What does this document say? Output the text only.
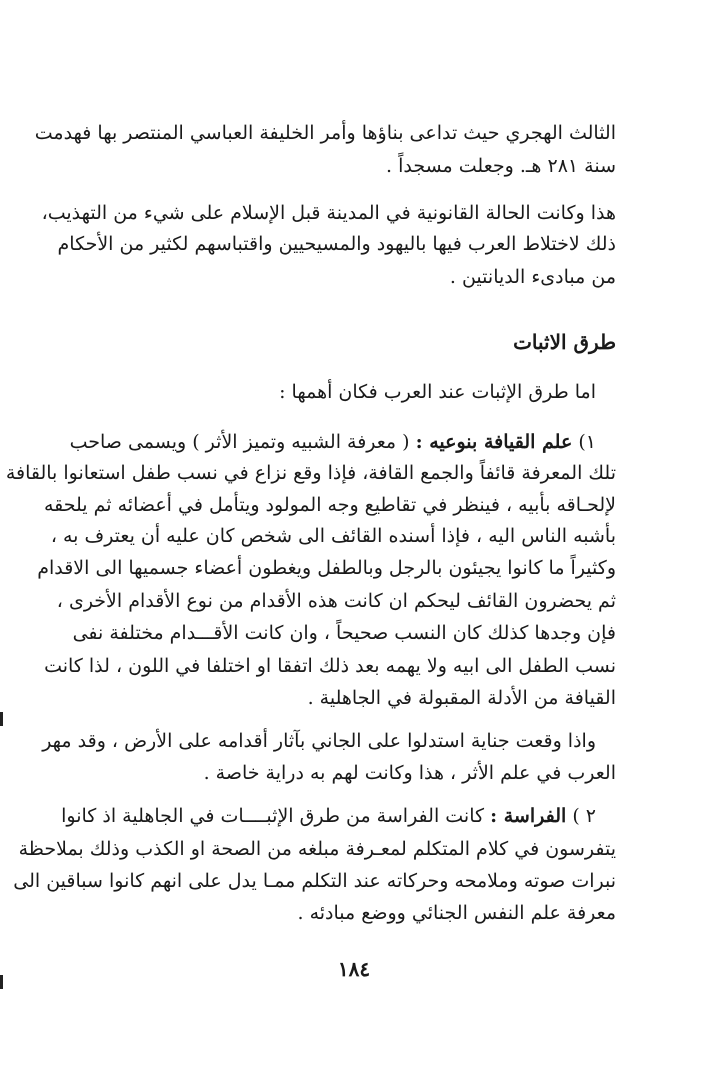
الثالث الهجري حيث تداعى بناؤها وأمر الخليفة العباسي المنتصر بها فهدمت
سنة ٢٨١ هـ. وجعلت مسجداً .
هذا وكانت الحالة القانونية في المدينة قبل الإسلام على شيء من التهذيب،
ذلك لاختلاط العرب فيها باليهود والمسيحيين واقتباسهم لكثير من الأحكام
من مبادىء الديانتين .
طرق الاثبات
اما طرق الإثبات عند العرب فكان أهمها :
١) علم القيافة بنوعيه : ( معرفة الشبيه وتميز الأثر ) ويسمى صاحب
تلك المعرفة قائفاً والجمع القافة، فإذا وقع نزاع في نسب طفل استعانوا بالقافة
لإلحـاقه بأبيه ، فينظر في تقاطيع وجه المولود ويتأمل في أعضائه ثم يلحقه
بأشبه الناس اليه ، فإذا أسنده القائف الى شخص كان عليه أن يعترف به ،
وكثيراً ما كانوا يجيئون بالرجل وبالطفل ويغطون أعضاء جسميها الى الاقدام
ثم يحضرون القائف ليحكم ان كانت هذه الأقدام من نوع الأقدام الأخرى ،
فإن وجدها كذلك كان النسب صحيحاً ، وان كانت الأقـــدام مختلفة نفى
نسب الطفل الى ابيه ولا يهمه بعد ذلك اتفقا او اختلفا في اللون ، لذا كانت
القيافة من الأدلة المقبولة في الجاهلية .
واذا وقعت جناية استدلوا على الجاني بآثار أقدامه على الأرض ، وقد مهر
العرب في علم الأثر ، هذا وكانت لهم به دراية خاصة .
٢ ) الفراسة : كانت الفراسة من طرق الإثبــــات في الجاهلية اذ كانوا
يتفرسون في كلام المتكلم لمعـرفة مبلغه من الصحة او الكذب وذلك بملاحظة
نبرات صوته وملامحه وحركاته عند التكلم ممـا يدل على انهم كانوا سباقين الى
معرفة علم النفس الجنائي ووضع مبادئه .
١٨٤
